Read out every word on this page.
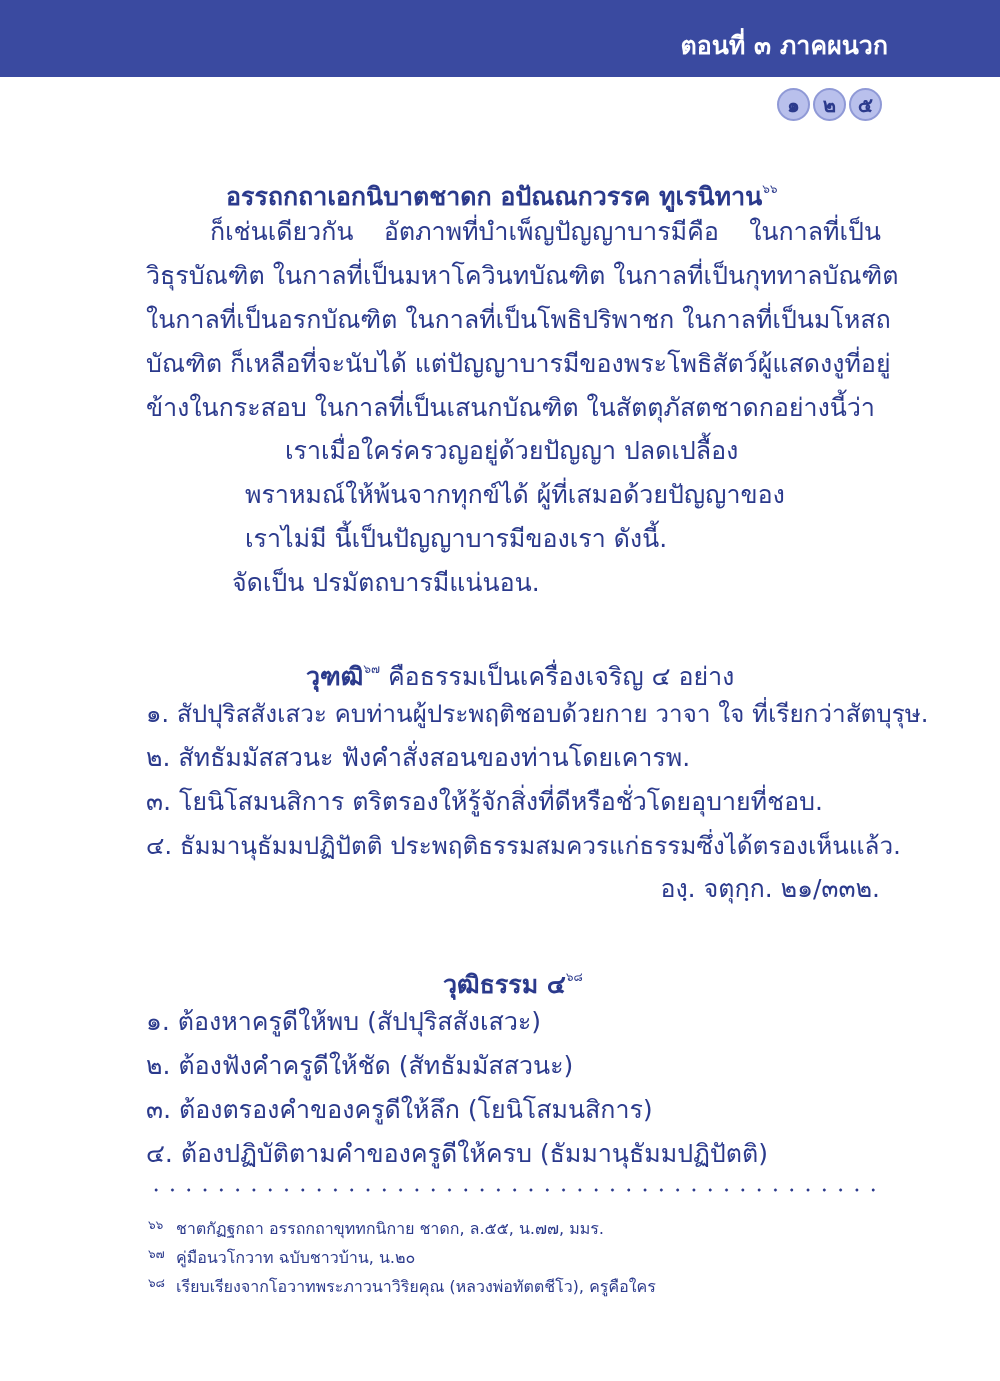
ตอนที่ ๓ ภาคผนวก
๑	๒	๕
อรรถกถาเอกนิบาตชาดก อปัณณกวรรค ทูเรนิทาน$^{๖๖}$
ก็เช่นเดียวกัน อัตภาพที่บำเพ็ญปัญญาบารมีคือ ในกาลที่เป็น
วิธุรบัณฑิต ในกาลที่เป็นมหาโควินทบัณฑิต ในกาลที่เป็นกุททาลบัณฑิต
ในกาลที่เป็นอรกบัณฑิต ในกาลที่เป็นโพธิปริพาชก ในกาลที่เป็นมโหสถ
บัณฑิต ก็เหลือที่จะนับได้ แต่ปัญญาบารมีของพระโพธิสัตว์ผู้แสดงงูที่อยู่
ข้างในกระสอบ ในกาลที่เป็นเสนกบัณฑิต ในสัตตุภัสตชาดกอย่างนี้ว่า
เราเมื่อใคร่ครวญอยู่ด้วยปัญญา ปลดเปลื้อง
พราหมณ์ให้พ้นจากทุกข์ได้ ผู้ที่เสมอด้วยปัญญาของ
เราไม่มี นี้เป็นปัญญาบารมีของเรา ดังนี้.
จัดเป็น ปรมัตถบารมีแน่นอน.
วุฑฒิ$^{๖๗}$ คือธรรมเป็นเครื่องเจริญ ๔ อย่าง
๑. สัปปุริสสังเสวะ คบท่านผู้ประพฤติชอบด้วยกาย วาจา ใจ ที่เรียกว่าสัตบุรุษ.
๒. สัทธัมมัสสวนะ ฟังคำสั่งสอนของท่านโดยเคารพ.
๓. โยนิโสมนสิการ ตริตรองให้รู้จักสิ่งที่ดีหรือชั่วโดยอุบายที่ชอบ.
๔. ธัมมานุธัมมปฏิปัตติ ประพฤติธรรมสมควรแก่ธรรมซึ่งได้ตรองเห็นแล้ว.
องฺ. จตุกฺก. ๒๑/๓๓๒.
วุฒิธรรม ๔$^{๖๘}$
๑. ต้องหาครูดีให้พบ (สัปปุริสสังเสวะ)
๒. ต้องฟังคำครูดีให้ชัด (สัทธัมมัสสวนะ)
๓. ต้องตรองคำของครูดีให้ลึก (โยนิโสมนสิการ)
๔. ต้องปฏิบัติตามคำของครูดีให้ครบ (ธัมมานุธัมมปฏิปัตติ)
๖๖ ชาตกัฏฐกถา อรรถกถาขุททกนิกาย ชาดก, ล.๕๕, น.๗๗, มมร.
๖๗ คู่มือนวโกวาท ฉบับชาวบ้าน, น.๒๐
๖๘ เรียบเรียงจากโอวาทพระภาวนาวิริยคุณ (หลวงพ่อทัตตชีโว), ครูคือใคร
